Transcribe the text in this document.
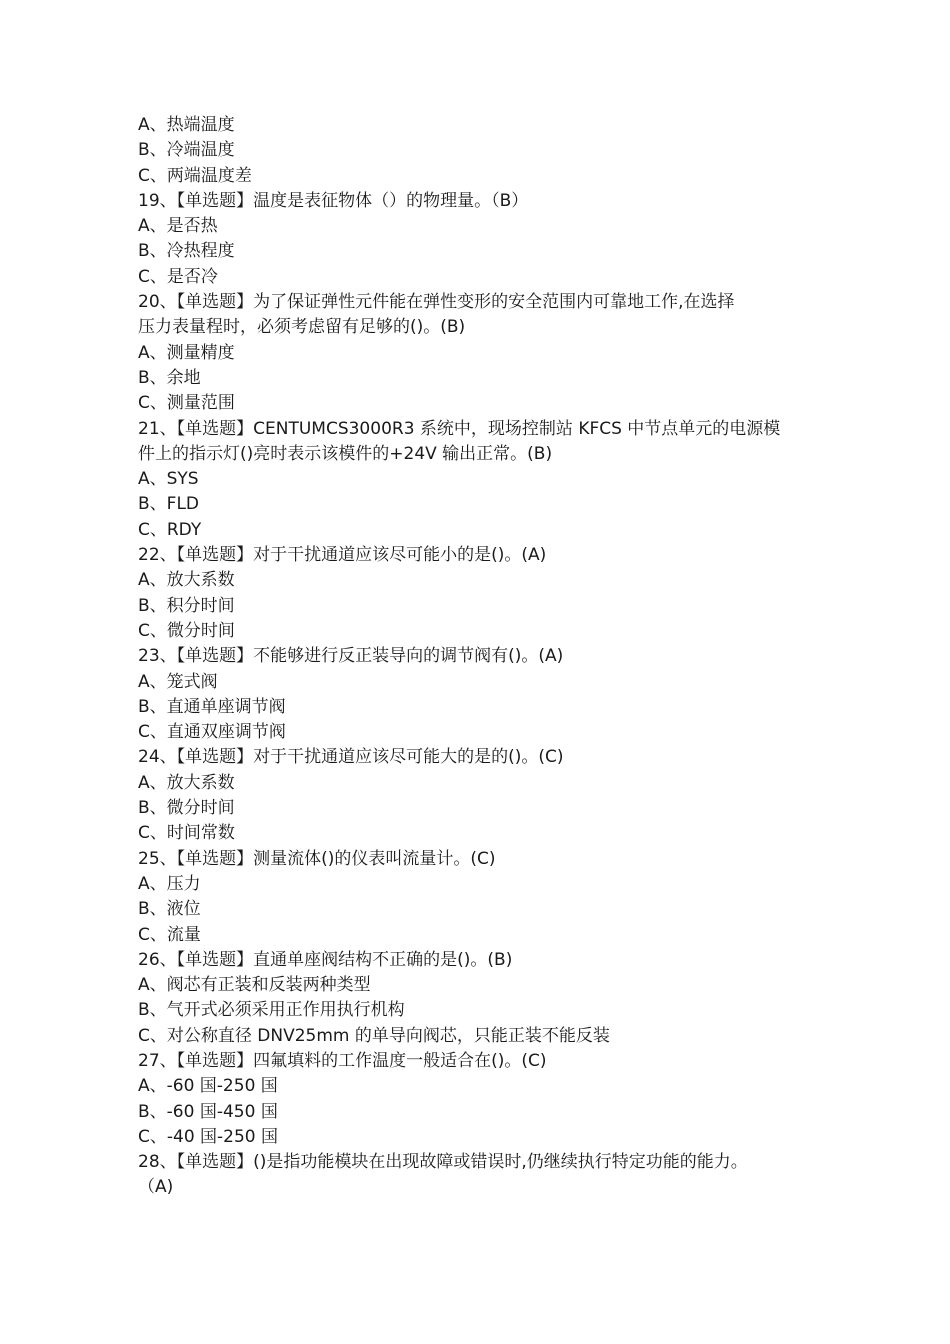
A、热端温度
B、冷端温度
C、两端温度差
19、【单选题】温度是表征物体（）的物理量。（B）
A、是否热
B、冷热程度
C、是否冷
20、【单选题】为了保证弹性元件能在弹性变形的安全范围内可靠地工作,在选择
压力表量程时，必须考虑留有足够的()。(B)
A、测量精度
B、余地
C、测量范围
21、【单选题】CENTUMCS3000R3 系统中，现场控制站 KFCS 中节点单元的电源模
件上的指示灯()亮时表示该模件的+24V 输出正常。(B)
A、SYS
B、FLD
C、RDY
22、【单选题】对于干扰通道应该尽可能小的是()。(A)
A、放大系数
B、积分时间
C、微分时间
23、【单选题】不能够进行反正装导向的调节阀有()。(A)
A、笼式阀
B、直通单座调节阀
C、直通双座调节阀
24、【单选题】对于干扰通道应该尽可能大的是的()。(C)
A、放大系数
B、微分时间
C、时间常数
25、【单选题】测量流体()的仪表叫流量计。(C)
A、压力
B、液位
C、流量
26、【单选题】直通单座阀结构不正确的是()。(B)
A、阀芯有正装和反装两种类型
B、气开式必须采用正作用执行机构
C、对公称直径 DNV25mm 的单导向阀芯，只能正装不能反装
27、【单选题】四氟填料的工作温度一般适合在()。(C)
A、-60 国-250 国
B、-60 国-450 国
C、-40 国-250 国
28、【单选题】()是指功能模块在出现故障或错误时,仍继续执行特定功能的能力。
（A)
